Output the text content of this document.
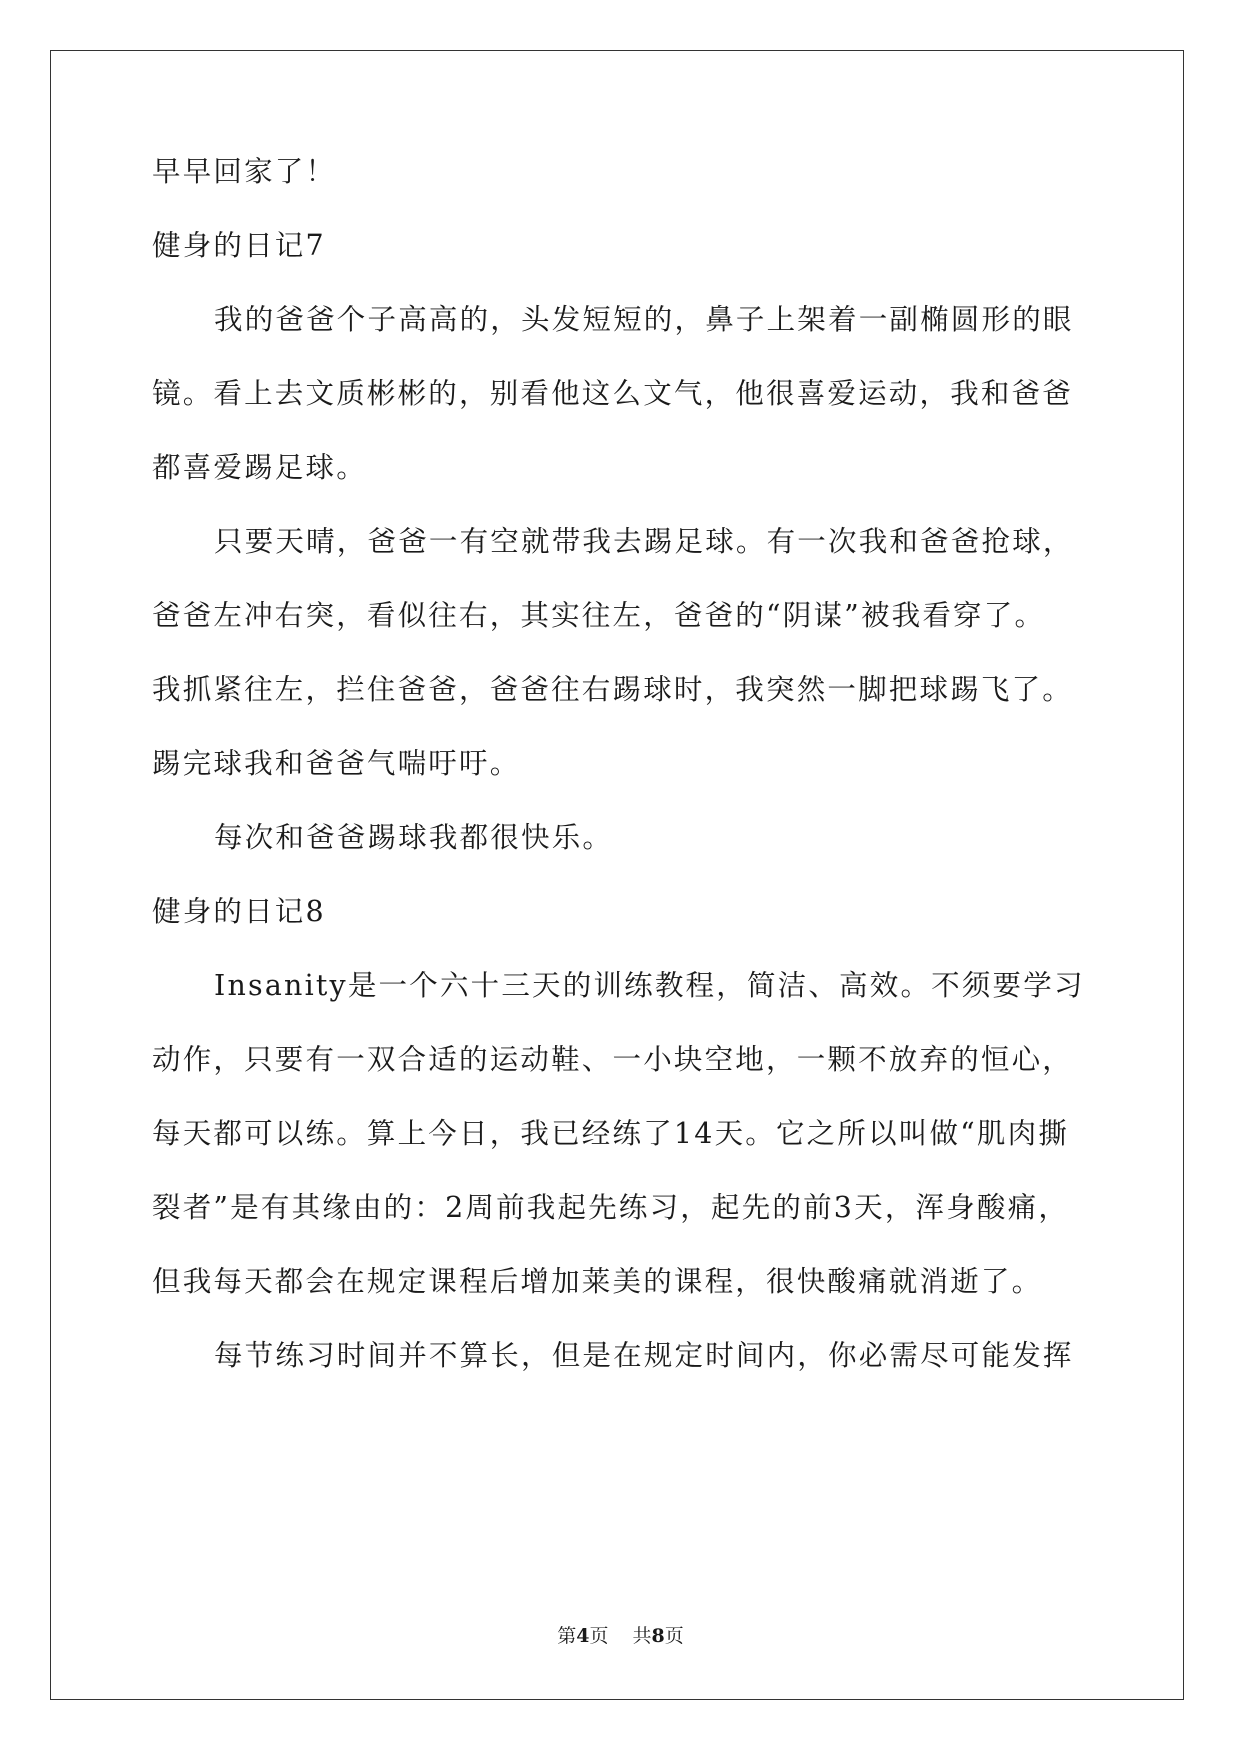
早早回家了！
健身的日记7
我的爸爸个子高高的，头发短短的，鼻子上架着一副椭圆形的眼
镜。看上去文质彬彬的，别看他这么文气，他很喜爱运动，我和爸爸
都喜爱踢足球。
只要天晴，爸爸一有空就带我去踢足球。有一次我和爸爸抢球，
爸爸左冲右突，看似往右，其实往左，爸爸的“阴谋”被我看穿了。
我抓紧往左，拦住爸爸，爸爸往右踢球时，我突然一脚把球踢飞了。
踢完球我和爸爸气喘吁吁。
每次和爸爸踢球我都很快乐。
健身的日记8
Insanity是一个六十三天的训练教程，简洁、高效。不须要学习
动作，只要有一双合适的运动鞋、一小块空地，一颗不放弃的恒心，
每天都可以练。算上今日，我已经练了14天。它之所以叫做“肌肉撕
裂者”是有其缘由的：2周前我起先练习，起先的前3天，浑身酸痛，
但我每天都会在规定课程后增加莱美的课程，很快酸痛就消逝了。
每节练习时间并不算长，但是在规定时间内，你必需尽可能发挥
第4页 共8页
